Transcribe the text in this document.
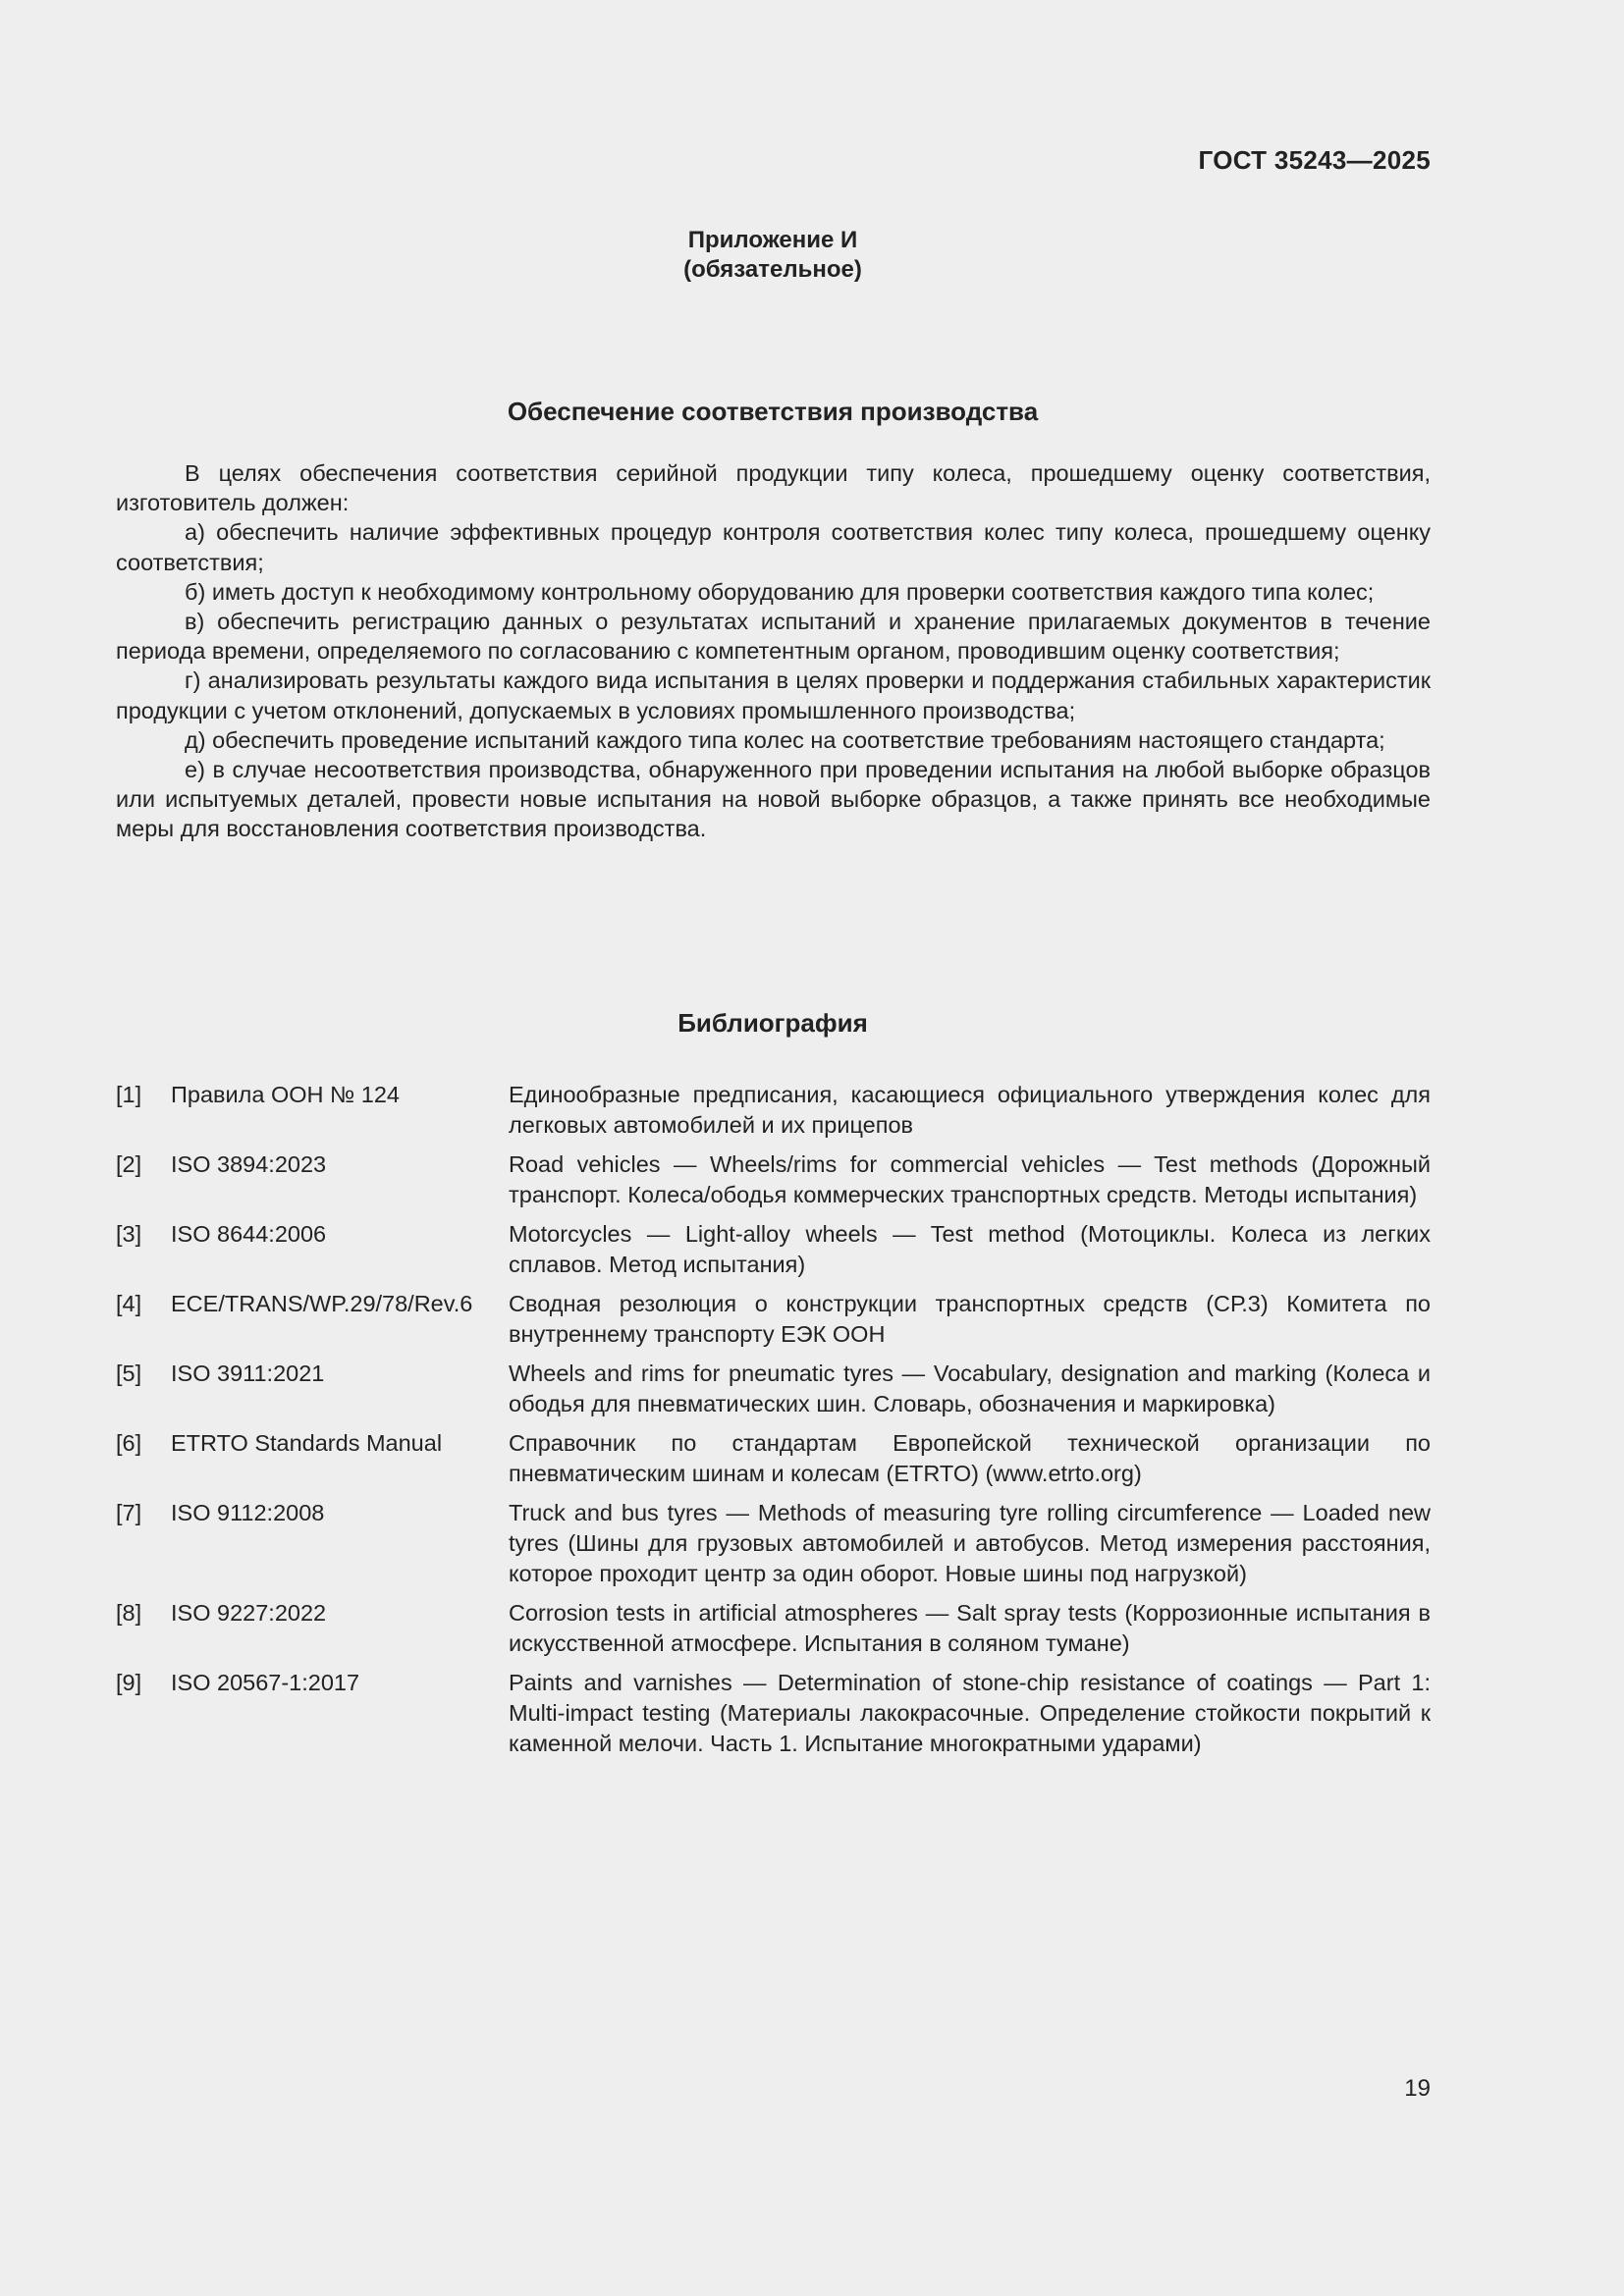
ГОСТ 35243—2025
Приложение И
(обязательное)
Обеспечение соответствия производства

В целях обеспечения соответствия серийной продукции типу колеса, прошедшему оценку соответствия, изготовитель должен:

а) обеспечить наличие эффективных процедур контроля соответствия колес типу колеса, прошедшему оценку соответствия;

б) иметь доступ к необходимому контрольному оборудованию для проверки соответствия каждого типа колес;

в) обеспечить регистрацию данных о результатах испытаний и хранение прилагаемых документов в течение периода времени, определяемого по согласованию с компетентным органом, проводившим оценку соответствия;

г) анализировать результаты каждого вида испытания в целях проверки и поддержания стабильных характеристик продукции с учетом отклонений, допускаемых в условиях промышленного производства;

д) обеспечить проведение испытаний каждого типа колес на соответствие требованиям настоящего стандарта;

е) в случае несоответствия производства, обнаруженного при проведении испытания на любой выборке образцов или испытуемых деталей, провести новые испытания на новой выборке образцов, а также принять все необходимые меры для восстановления соответствия производства.

Библиография
[1]	Правила ООН № 124	Единообразные предписания, касающиеся официального утверждения колес для легковых автомобилей и их прицепов
[2]	ISO 3894:2023	Road vehicles — Wheels/rims for commercial vehicles — Test methods (Дорожный транспорт. Колеса/ободья коммерческих транспортных средств. Методы испытания)
[3]	ISO 8644:2006	Motorcycles — Light-alloy wheels — Test method (Мотоциклы. Колеса из легких сплавов. Метод испытания)
[4]	ECE/TRANS/WP.29/78/Rev.6	Сводная резолюция о конструкции транспортных средств (СР.3) Комитета по внутреннему транспорту ЕЭК ООН
[5]	ISO 3911:2021	Wheels and rims for pneumatic tyres — Vocabulary, designation and marking (Колеса и ободья для пневматических шин. Словарь, обозначения и маркировка)
[6]	ETRTO Standards Manual	Справочник по стандартам Европейской технической организации по пневматическим шинам и колесам (ETRTO) (www.etrto.org)
[7]	ISO 9112:2008	Truck and bus tyres — Methods of measuring tyre rolling circumference — Loaded new tyres (Шины для грузовых автомобилей и автобусов. Метод измерения расстояния, которое проходит центр за один оборот. Новые шины под нагрузкой)
[8]	ISO 9227:2022	Corrosion tests in artificial atmospheres — Salt spray tests (Коррозионные испытания в искусственной атмосфере. Испытания в соляном тумане)
[9]	ISO 20567-1:2017	Paints and varnishes — Determination of stone-chip resistance of coatings — Part 1: Multi-impact testing (Материалы лакокрасочные. Определение стойкости покрытий к каменной мелочи. Часть 1. Испытание многократными ударами)
19
